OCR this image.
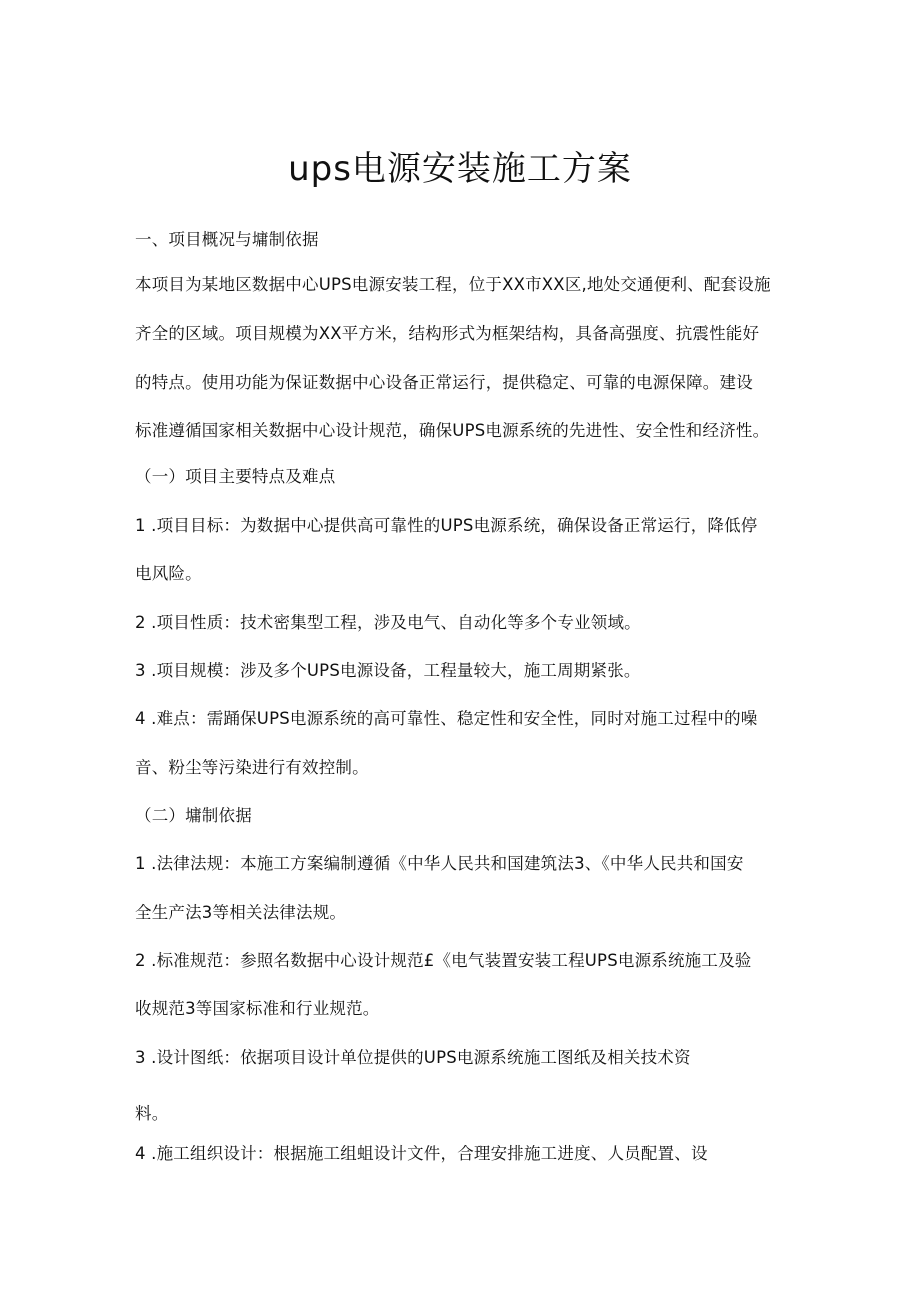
ups电源安装施工方案
一、项目概况与墉制依据
本项目为某地区数据中心UPS电源安装工程，位于XX市XX区,地处交通便利、配套设施
齐全的区域。项目规模为XX平方米，结构形式为框架结构，具备高强度、抗震性能好
的特点。使用功能为保证数据中心设备正常运行，提供稳定、可靠的电源保障。建设
标准遵循国家相关数据中心设计规范，确保UPS电源系统的先进性、安全性和经济性。
（一）项目主要特点及难点
1 .项目目标：为数据中心提供高可靠性的UPS电源系统，确保设备正常运行，降低停
电风险。
2 .项目性质：技术密集型工程，涉及电气、自动化等多个专业领域。
3 .项目规模：涉及多个UPS电源设备，工程量较大，施工周期紧张。
4 .难点：需踊保UPS电源系统的高可靠性、稳定性和安全性，同时对施工过程中的噪
音、粉尘等污染进行有效控制。
（二）墉制依据
1 .法律法规：本施工方案编制遵循《中华人民共和国建筑法3、《中华人民共和国安
全生产法3等相关法律法规。
2 .标准规范：参照名数据中心设计规范£《电气装置安装工程UPS电源系统施工及验
收规范3等国家标准和行业规范。
3 .设计图纸：依据项目设计单位提供的UPS电源系统施工图纸及相关技术资
料。
4 .施工组织设计：根据施工组蛆设计文件，合理安排施工进度、人员配置、设
